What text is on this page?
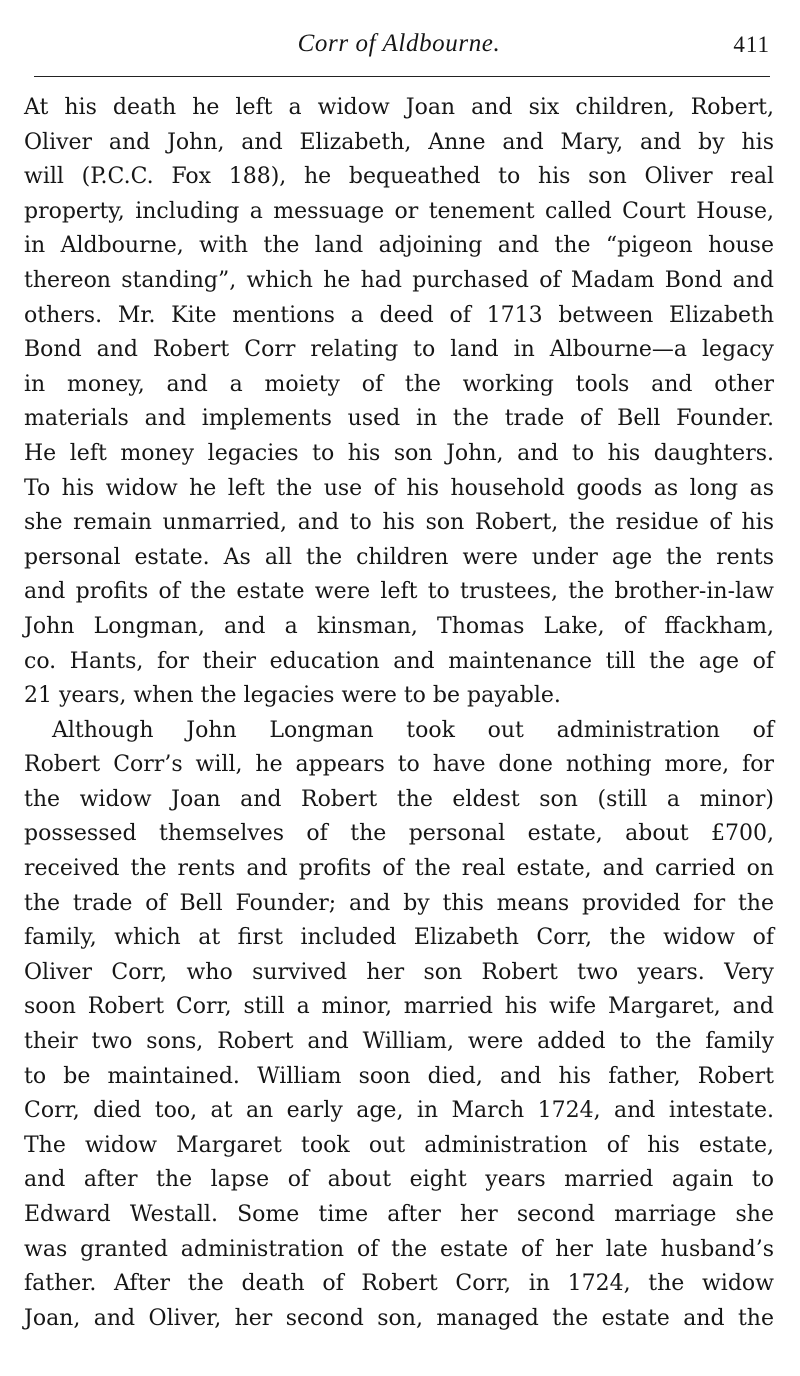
Corr of Aldbourne.	411
At his death he left a widow Joan and six children, Robert,
Oliver and John, and Elizabeth, Anne and Mary, and by his
will (P.C.C. Fox 188), he bequeathed to his son Oliver real
property, including a messuage or tenement called Court House,
in Aldbourne, with the land adjoining and the “pigeon house
thereon standing”, which he had purchased of Madam Bond and
others. Mr. Kite mentions a deed of 1713 between Elizabeth
Bond and Robert Corr relating to land in Albourne—a legacy
in money, and a moiety of the working tools and other
materials and implements used in the trade of Bell Founder.
He left money legacies to his son John, and to his daughters.
To his widow he left the use of his household goods as long as
she remain unmarried, and to his son Robert, the residue of his
personal estate. As all the children were under age the rents
and profits of the estate were left to trustees, the brother-in-law
John Longman, and a kinsman, Thomas Lake, of ffackham,
co. Hants, for their education and maintenance till the age of
21 years, when the legacies were to be payable.
Although John Longman took out administration of
Robert Corr’s will, he appears to have done nothing more, for
the widow Joan and Robert the eldest son (still a minor)
possessed themselves of the personal estate, about £700,
received the rents and profits of the real estate, and carried on
the trade of Bell Founder; and by this means provided for the
family, which at first included Elizabeth Corr, the widow of
Oliver Corr, who survived her son Robert two years. Very
soon Robert Corr, still a minor, married his wife Margaret, and
their two sons, Robert and William, were added to the family
to be maintained. William soon died, and his father, Robert
Corr, died too, at an early age, in March 1724, and intestate.
The widow Margaret took out administration of his estate,
and after the lapse of about eight years married again to
Edward Westall. Some time after her second marriage she
was granted administration of the estate of her late husband’s
father. After the death of Robert Corr, in 1724, the widow
Joan, and Oliver, her second son, managed the estate and the
